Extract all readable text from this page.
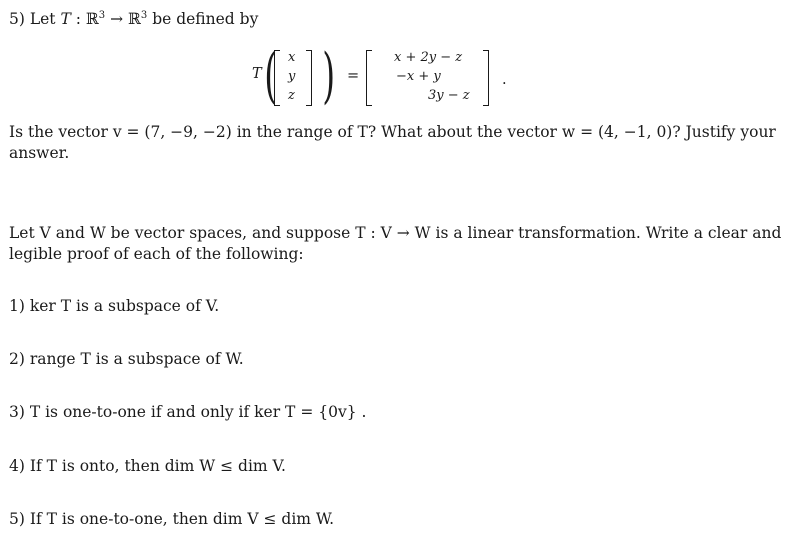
5) Let T : ℝ$^3$ → ℝ$^3$ be defined by
T ( x
y
z ) =
x + 2y − z
−x + y
3y − z
.
Is the vector v = (7, −9, −2) in the range of T? What about the vector w = (4, −1, 0)? Justify your
answer.
Let V and W be vector spaces, and suppose T : V → W is a linear transformation. Write a clear and
legible proof of each of the following:
1) ker T is a subspace of V.
2) range T is a subspace of W.
3) T is one-to-one if and only if ker T = {0v} .
4) If T is onto, then dim W ≤ dim V.
5) If T is one-to-one, then dim V ≤ dim W.
